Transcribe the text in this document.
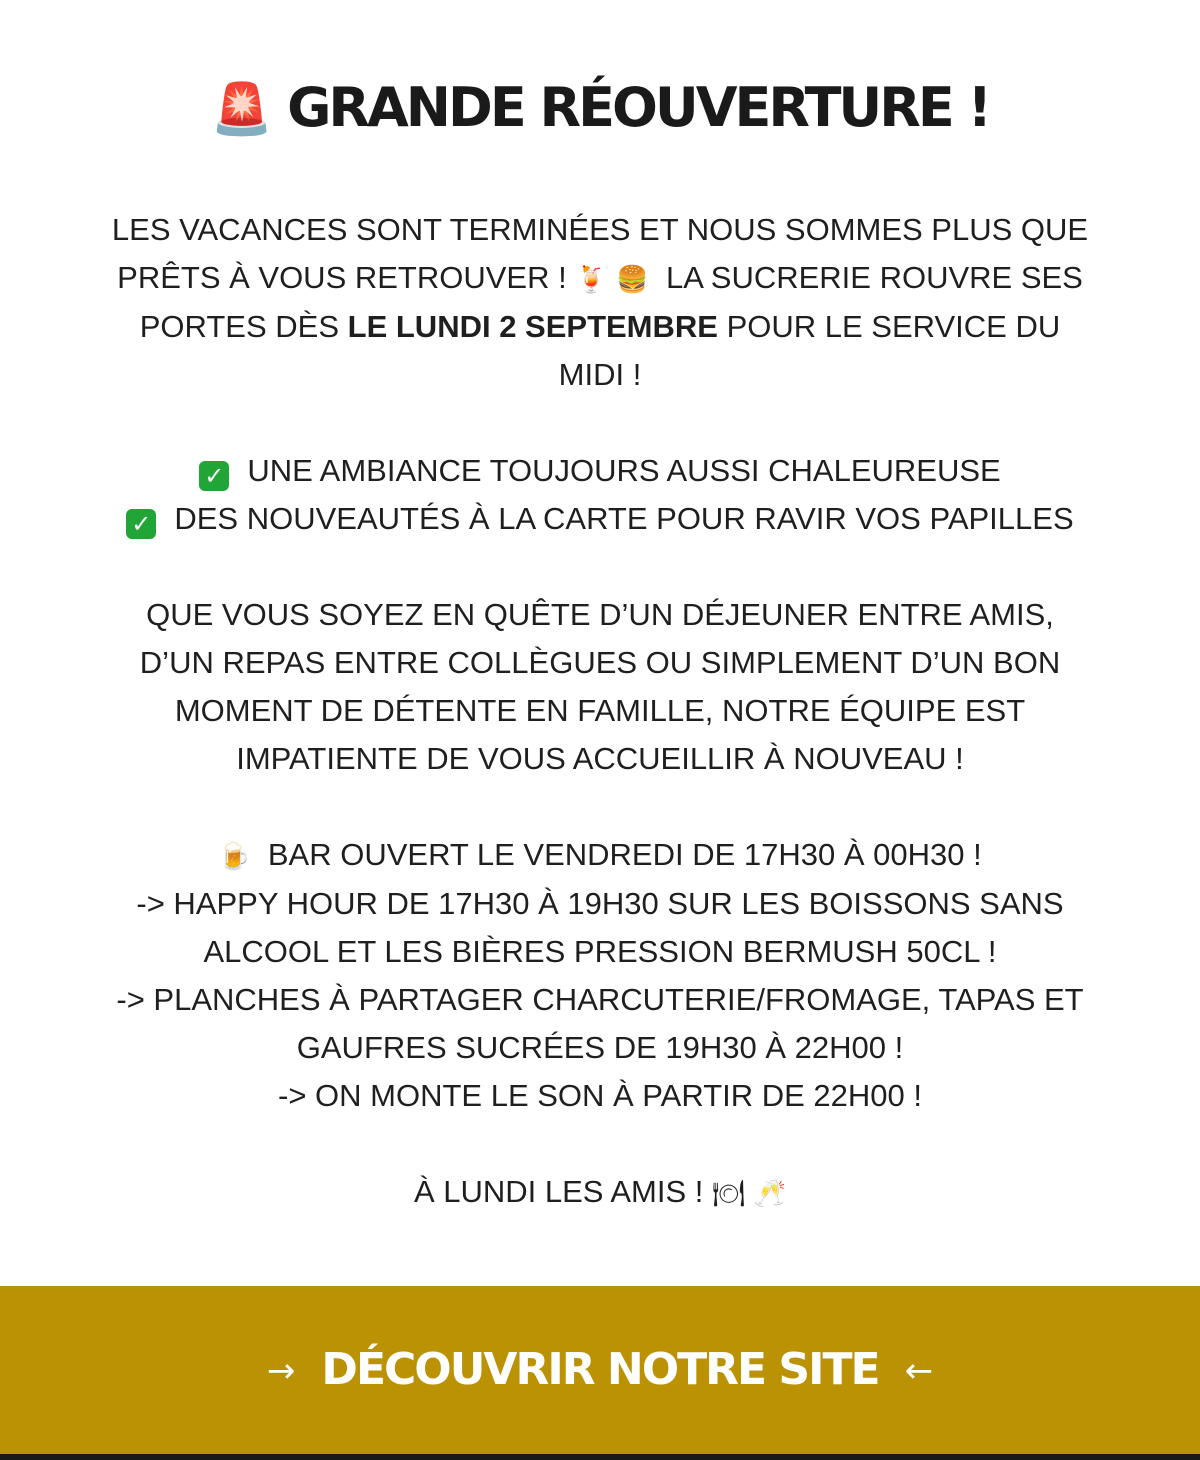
🚨 GRANDE RÉOUVERTURE !

LES VACANCES SONT TERMINÉES ET NOUS SOMMES PLUS QUE
PRÊTS À VOUS RETROUVER ! 🍹 🍔 LA SUCRERIE ROUVRE SES
PORTES DÈS LE LUNDI 2 SEPTEMBRE POUR LE SERVICE DU
MIDI !

✓ UNE AMBIANCE TOUJOURS AUSSI CHALEUREUSE
✓ DES NOUVEAUTÉS À LA CARTE POUR RAVIR VOS PAPILLES

QUE VOUS SOYEZ EN QUÊTE D’UN DÉJEUNER ENTRE AMIS,
D’UN REPAS ENTRE COLLÈGUES OU SIMPLEMENT D’UN BON
MOMENT DE DÉTENTE EN FAMILLE, NOTRE ÉQUIPE EST
IMPATIENTE DE VOUS ACCUEILLIR À NOUVEAU !

🍺 BAR OUVERT LE VENDREDI DE 17H30 À 00H30 !
-> HAPPY HOUR DE 17H30 À 19H30 SUR LES BOISSONS SANS
ALCOOL ET LES BIÈRES PRESSION BERMUSH 50CL !
-> PLANCHES À PARTAGER CHARCUTERIE/FROMAGE, TAPAS ET
GAUFRES SUCRÉES DE 19H30 À 22H00 !
-> ON MONTE LE SON À PARTIR DE 22H00 !

À LUNDI LES AMIS ! 🍽 🥂

→ DÉCOUVRIR NOTRE SITE ←
